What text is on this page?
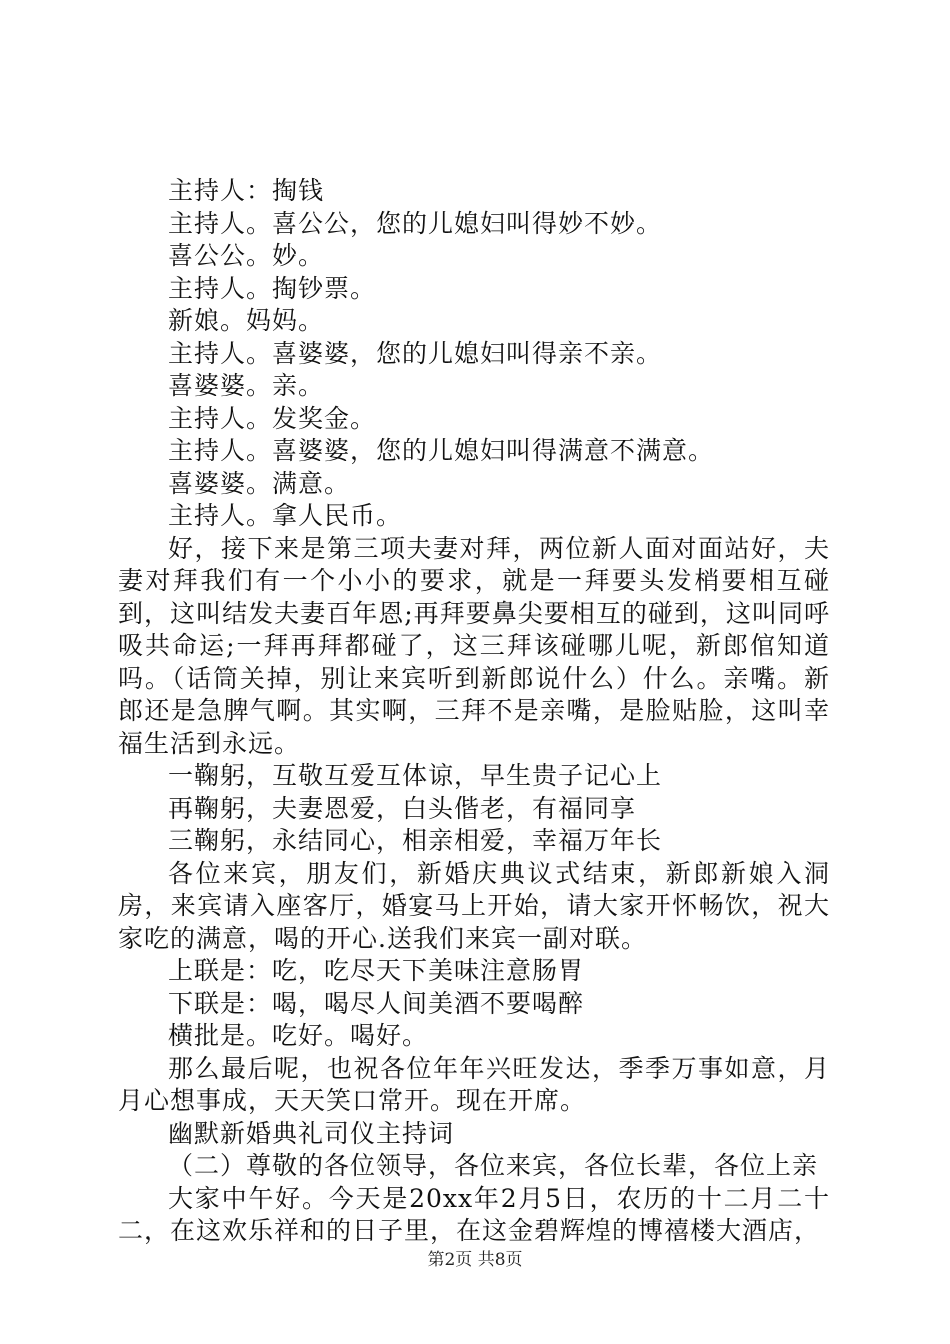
主持人：掏钱

主持人。喜公公，您的儿媳妇叫得妙不妙。

喜公公。妙。

主持人。掏钞票。

新娘。妈妈。

主持人。喜婆婆，您的儿媳妇叫得亲不亲。

喜婆婆。亲。

主持人。发奖金。

主持人。喜婆婆，您的儿媳妇叫得满意不满意。

喜婆婆。满意。

主持人。拿人民币。

好，接下来是第三项夫妻对拜，两位新人面对面站好，夫妻对拜我们有一个小小的要求，就是一拜要头发梢要相互碰到，这叫结发夫妻百年恩;再拜要鼻尖要相互的碰到，这叫同呼吸共命运;一拜再拜都碰了，这三拜该碰哪儿呢，新郎倌知道吗。（话筒关掉，别让来宾听到新郎说什么）什么。亲嘴。新郎还是急脾气啊。其实啊，三拜不是亲嘴，是脸贴脸，这叫幸福生活到永远。

一鞠躬，互敬互爱互体谅，早生贵子记心上

再鞠躬，夫妻恩爱，白头偕老，有福同享

三鞠躬，永结同心，相亲相爱，幸福万年长

各位来宾，朋友们，新婚庆典议式结束，新郎新娘入洞房，来宾请入座客厅，婚宴马上开始，请大家开怀畅饮，祝大家吃的满意，喝的开心.送我们来宾一副对联。

上联是：吃，吃尽天下美味注意肠胃

下联是：喝，喝尽人间美酒不要喝醉

横批是。吃好。喝好。

那么最后呢，也祝各位年年兴旺发达，季季万事如意，月月心想事成，天天笑口常开。现在开席。

幽默新婚典礼司仪主持词

（二）尊敬的各位领导，各位来宾，各位长辈，各位上亲

大家中午好。今天是20xx年2月5日，农历的十二月二十二，在这欢乐祥和的日子里，在这金碧辉煌的博禧楼大酒店，

第2页 共8页
